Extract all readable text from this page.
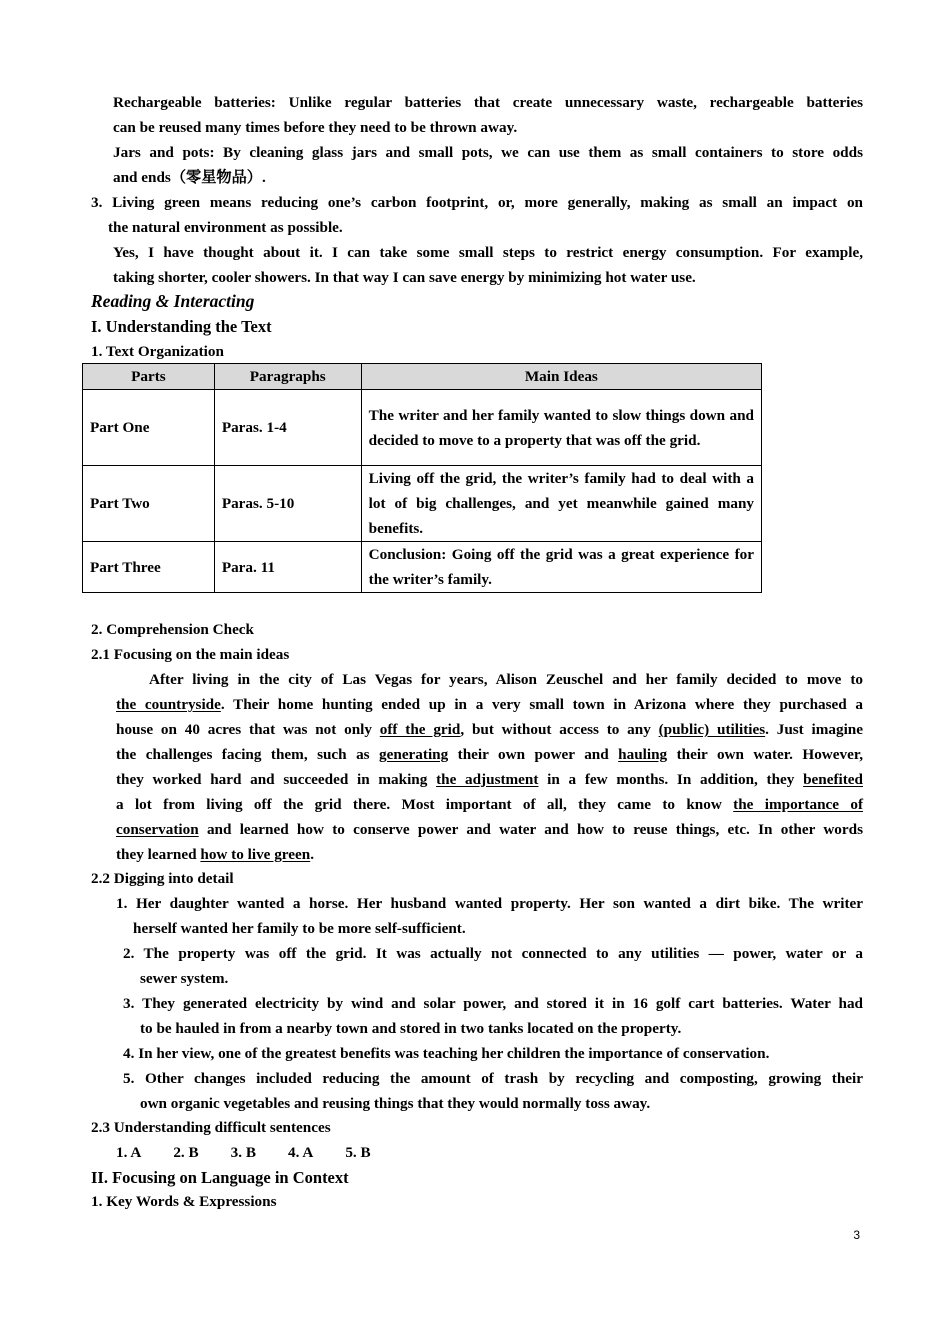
Rechargeable batteries: Unlike regular batteries that create unnecessary waste, rechargeable batteries
can be reused many times before they need to be thrown away.
Jars and pots: By cleaning glass jars and small pots, we can use them as small containers to store odds
and ends（零星物品）.
3. Living green means reducing one’s carbon footprint, or, more generally, making as small an impact on
the natural environment as possible.
Yes, I have thought about it. I can take some small steps to restrict energy consumption. For example,
taking shorter, cooler showers. In that way I can save energy by minimizing hot water use.
Reading & Interacting
I. Understanding the Text
1. Text Organization
Parts	Paragraphs	Main Ideas
Part One	Paras. 1-4	The writer and her family wanted to slow things down and decided to move to a property that was off the grid.
Part Two	Paras. 5-10	Living off the grid, the writer’s family had to deal with a lot of big challenges, and yet meanwhile gained many benefits.
Part Three	Para. 11	Conclusion: Going off the grid was a great experience for the writer’s family.
2. Comprehension Check
2.1 Focusing on the main ideas
After living in the city of Las Vegas for years, Alison Zeuschel and her family decided to move to
the countryside. Their home hunting ended up in a very small town in Arizona where they purchased a
house on 40 acres that was not only off the grid, but without access to any (public) utilities. Just imagine
the challenges facing them, such as generating their own power and hauling their own water. However,
they worked hard and succeeded in making the adjustment in a few months. In addition, they benefited
a lot from living off the grid there. Most important of all, they came to know the importance of
conservation and learned how to conserve power and water and how to reuse things, etc. In other words
they learned how to live green.
2.2 Digging into detail
1. Her daughter wanted a horse. Her husband wanted property. Her son wanted a dirt bike. The writer
herself wanted her family to be more self-sufficient.
2. The property was off the grid. It was actually not connected to any utilities — power, water or a
sewer system.
3. They generated electricity by wind and solar power, and stored it in 16 golf cart batteries. Water had
to be hauled in from a nearby town and stored in two tanks located on the property.
4. In her view, one of the greatest benefits was teaching her children the importance of conservation.
5. Other changes included reducing the amount of trash by recycling and composting, growing their
own organic vegetables and reusing things that they would normally toss away.
2.3 Understanding difficult sentences
1. A 2. B 3. B 4. A 5. B
II. Focusing on Language in Context
1. Key Words & Expressions
3
